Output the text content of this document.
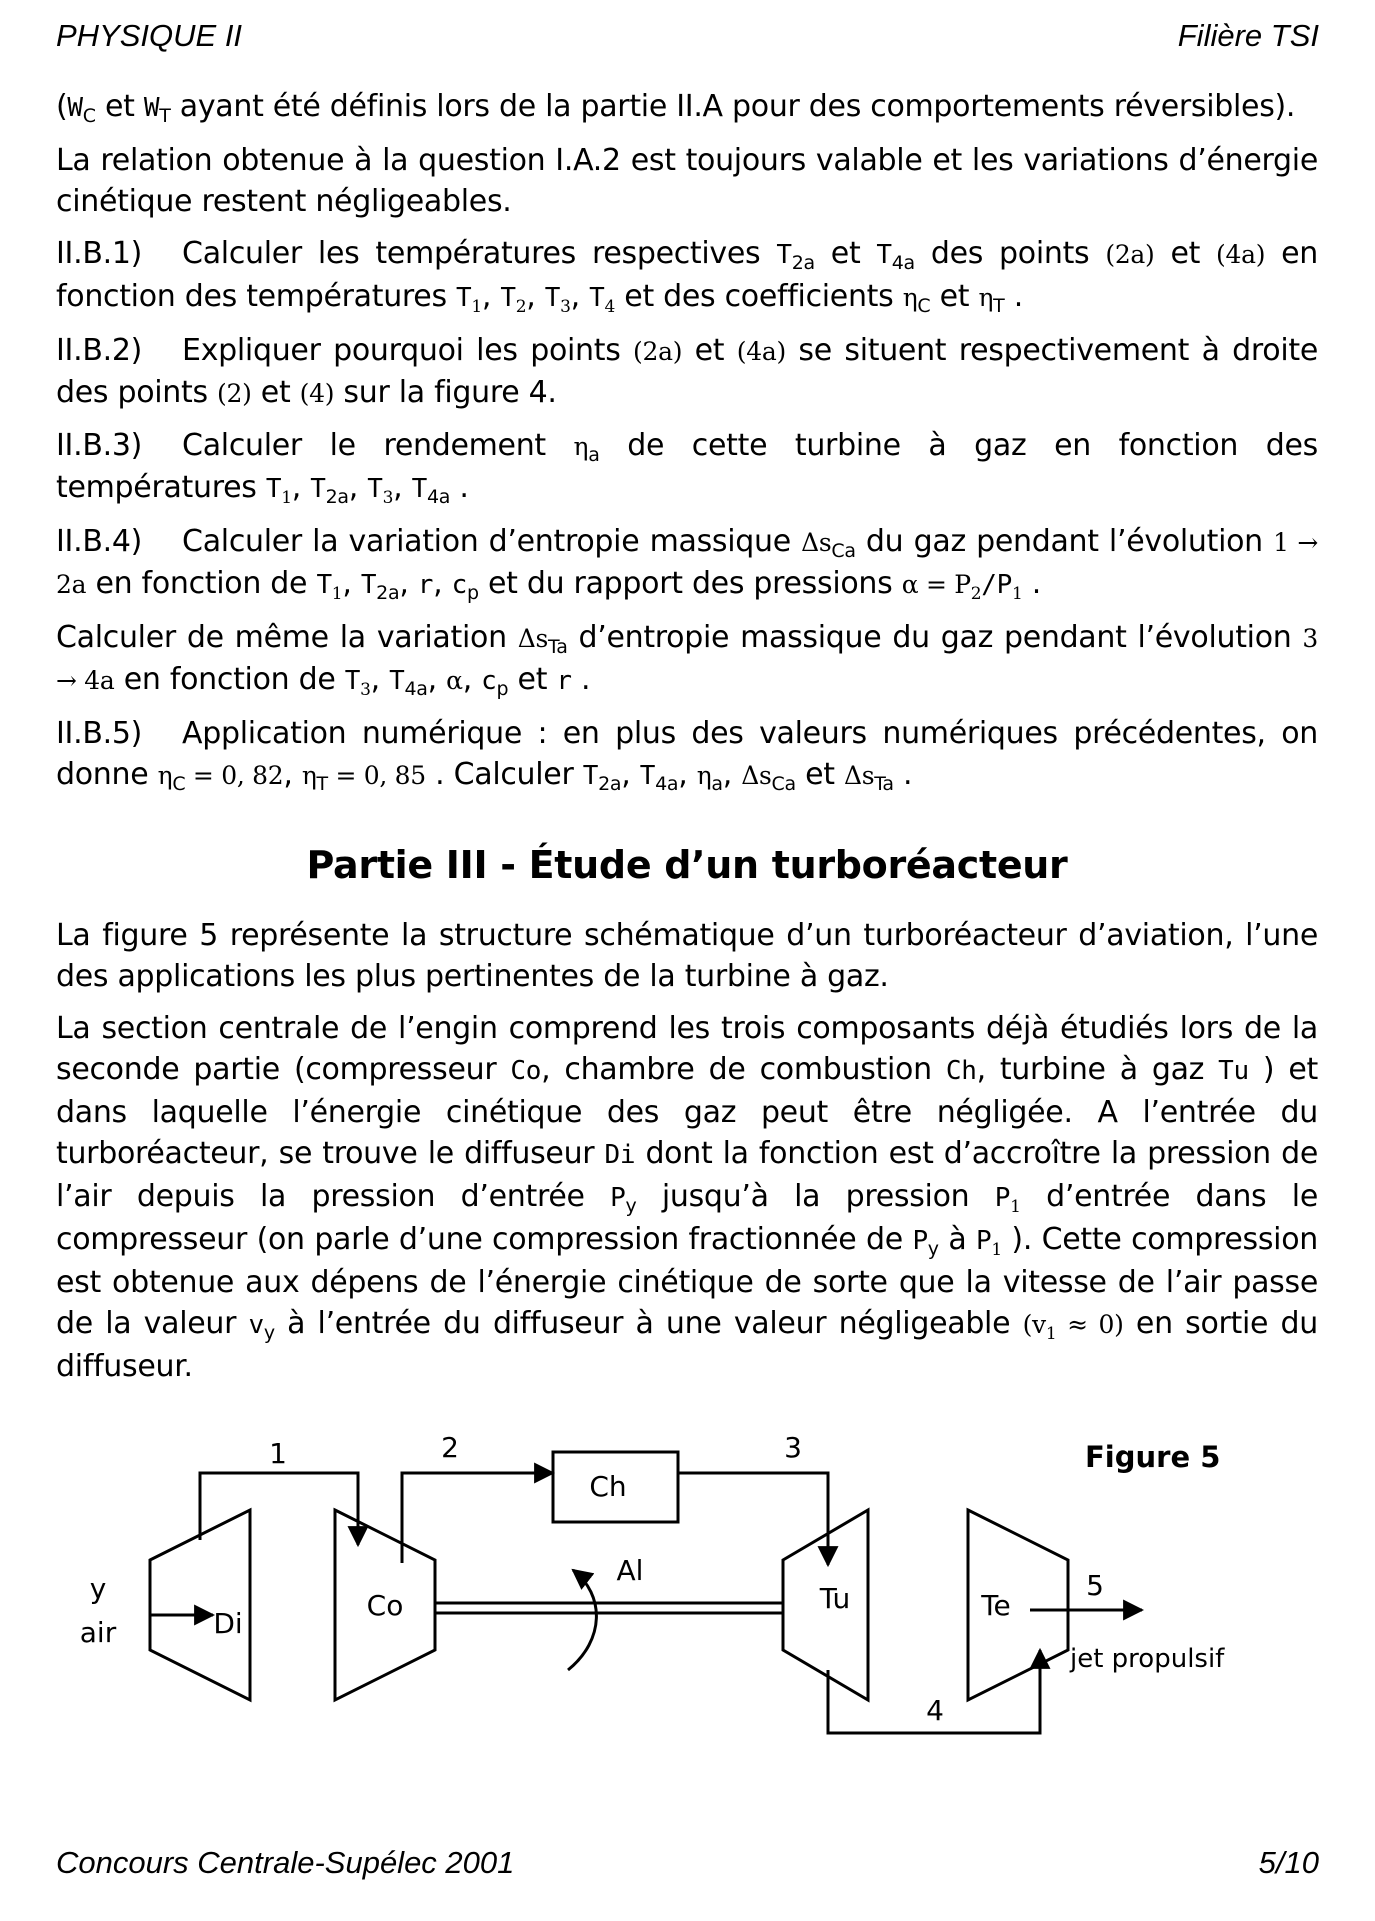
PHYSIQUE II	Filière TSI

($W_C$ et $W_T$ ayant été définis lors de la partie II.A pour des comportements réversibles).

La relation obtenue à la question I.A.2 est toujours valable et les variations d’énergie cinétique restent négligeables.

II.B.1) Calculer les températures respectives $T_{2a}$ et $T_{4a}$ des points (2a) et (4a) en fonction des températures $T_1$, $T_2$, $T_3$, $T_4$ et des coefficients $\eta_C$ et $\eta_T$ .

II.B.2) Expliquer pourquoi les points (2a) et (4a) se situent respectivement à droite des points (2) et (4) sur la figure 4.

II.B.3) Calculer le rendement $\eta_a$ de cette turbine à gaz en fonction des températures $T_1$, $T_{2a}$, $T_3$, $T_{4a}$ .

II.B.4) Calculer la variation d’entropie massique $\Delta s_{Ca}$ du gaz pendant l’évolution 1 → 2a en fonction de $T_1$, $T_{2a}$, r, $c_p$ et du rapport des pressions $\alpha = P_2/P_1$ .

Calculer de même la variation $\Delta s_{Ta}$ d’entropie massique du gaz pendant l’évolution 3 → 4a en fonction de $T_3$, $T_{4a}$, α, $c_p$ et r .

II.B.5) Application numérique : en plus des valeurs numériques précédentes, on donne $\eta_C = 0$, 82, $\eta_T = 0$, 85 . Calculer $T_{2a}$, $T_{4a}$, $\eta_a$, $\Delta s_{Ca}$ et $\Delta s_{Ta}$ .

Partie III - Étude d’un turboréacteur

La figure 5 représente la structure schématique d’un turboréacteur d’aviation, l’une des applications les plus pertinentes de la turbine à gaz.

La section centrale de l’engin comprend les trois composants déjà étudiés lors de la seconde partie (compresseur Co, chambre de combustion Ch, turbine à gaz Tu ) et dans laquelle l’énergie cinétique des gaz peut être négligée. A l’entrée du turboréacteur, se trouve le diffuseur Di dont la fonction est d’accroître la pression de l’air depuis la pression d’entrée $P_y$ jusqu’à la pression $P_1$ d’entrée dans le compresseur (on parle d’une compression fractionnée de $P_y$ à $P_1$ ). Cette compression est obtenue aux dépens de l’énergie cinétique de sorte que la vitesse de l’air passe de la valeur $v_y$ à l’entrée du diffuseur à une valeur négligeable $(v_1 \approx 0)$ en sortie du diffuseur.

1	2	3
4
5
y
air	Di
Co
Ch
Tu	Te
Al
jet propulsif
Figure 5
Concours Centrale-Supélec 2001	5/10
